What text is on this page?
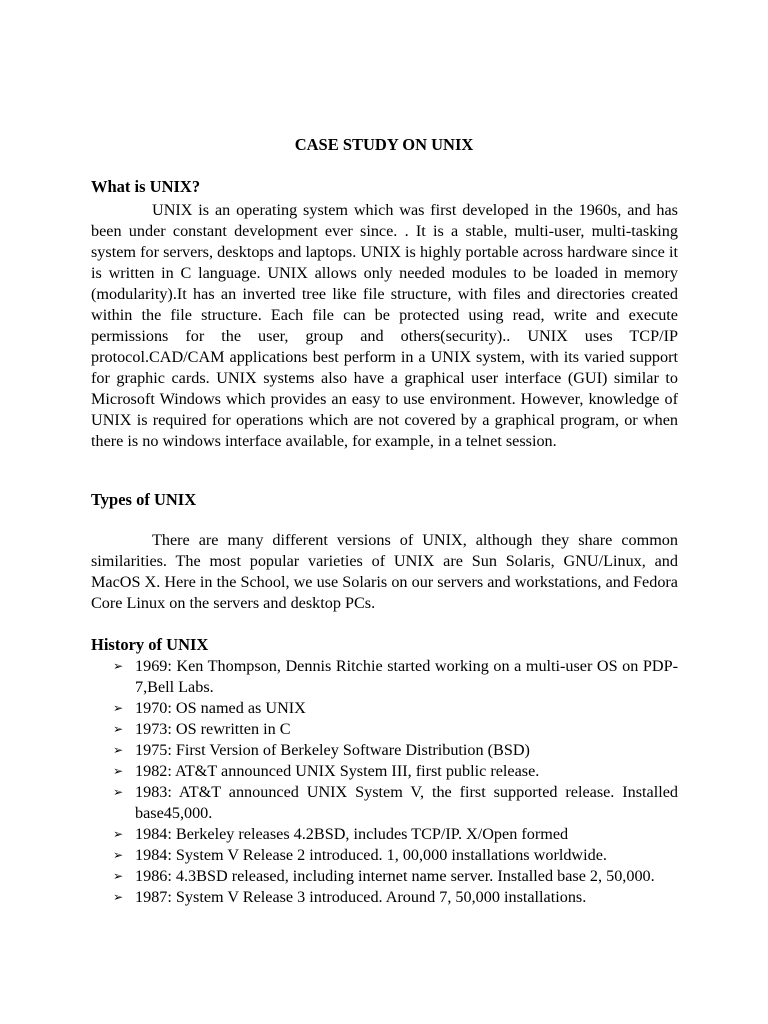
CASE STUDY ON UNIX
What is UNIX?

UNIX is an operating system which was first developed in the 1960s, and has been under constant development ever since. . It is a stable, multi-user, multi-tasking system for servers, desktops and laptops. UNIX is highly portable across hardware since it is written in C language. UNIX allows only needed modules to be loaded in memory (modularity).It has an inverted tree like file structure, with files and directories created within the file structure. Each file can be protected using read, write and execute permissions for the user, group and others(security).. UNIX uses TCP/IP protocol.CAD/CAM applications best perform in a UNIX system, with its varied support for graphic cards. UNIX systems also have a graphical user interface (GUI) similar to Microsoft Windows which provides an easy to use environment. However, knowledge of UNIX is required for operations which are not covered by a graphical program, or when there is no windows interface available, for example, in a telnet session.

Types of UNIX

There are many different versions of UNIX, although they share common similarities. The most popular varieties of UNIX are Sun Solaris, GNU/Linux, and MacOS X. Here in the School, we use Solaris on our servers and workstations, and Fedora Core Linux on the servers and desktop PCs.

History of UNIX
➢ 1969: Ken Thompson, Dennis Ritchie started working on a multi-user OS on PDP-7,Bell Labs.
➢ 1970: OS named as UNIX
➢ 1973: OS rewritten in C
➢ 1975: First Version of Berkeley Software Distribution (BSD)
➢ 1982: AT&T announced UNIX System III, first public release.
➢ 1983: AT&T announced UNIX System V, the first supported release. Installed base45,000.
➢ 1984: Berkeley releases 4.2BSD, includes TCP/IP. X/Open formed
➢ 1984: System V Release 2 introduced. 1, 00,000 installations worldwide.
➢ 1986: 4.3BSD released, including internet name server. Installed base 2, 50,000.
➢ 1987: System V Release 3 introduced. Around 7, 50,000 installations.
